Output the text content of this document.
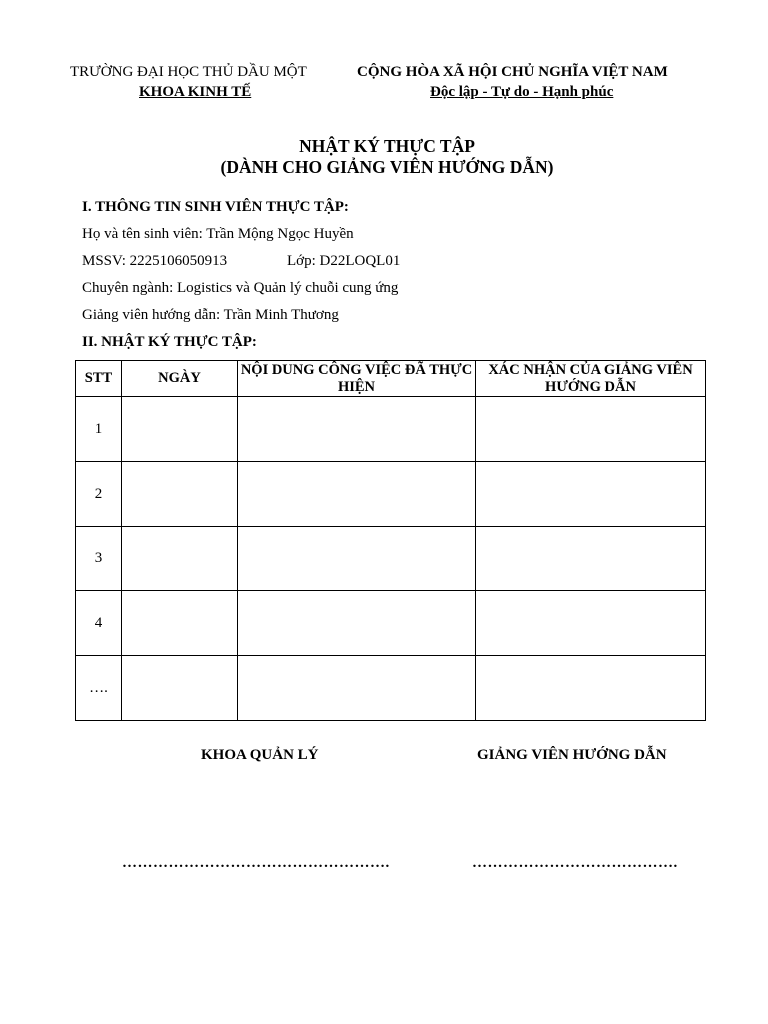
TRƯỜNG ĐẠI HỌC THỦ DẦU MỘT
KHOA KINH TẾ
CỘNG HÒA XÃ HỘI CHỦ NGHĨA VIỆT NAM
Độc lập - Tự do - Hạnh phúc
NHẬT KÝ THỰC TẬP
(DÀNH CHO GIẢNG VIÊN HƯỚNG DẪN)
I. THÔNG TIN SINH VIÊN THỰC TẬP:
Họ và tên sinh viên: Trần Mộng Ngọc Huyền
MSSV: 2225106050913	Lớp: D22LOQL01
Chuyên ngành: Logistics và Quản lý chuỗi cung ứng
Giảng viên hướng dẫn: Trần Minh Thương
II. NHẬT KÝ THỰC TẬP:
STT	NGÀY	NỘI DUNG CÔNG VIỆC ĐÃ THỰC HIỆN	XÁC NHẬN CỦA GIẢNG VIÊN HƯỚNG DẪN
1			
2			
3			
4			
….			
KHOA QUẢN LÝ	GIẢNG VIÊN HƯỚNG DẪN
…………………………………………….	………………………………….
